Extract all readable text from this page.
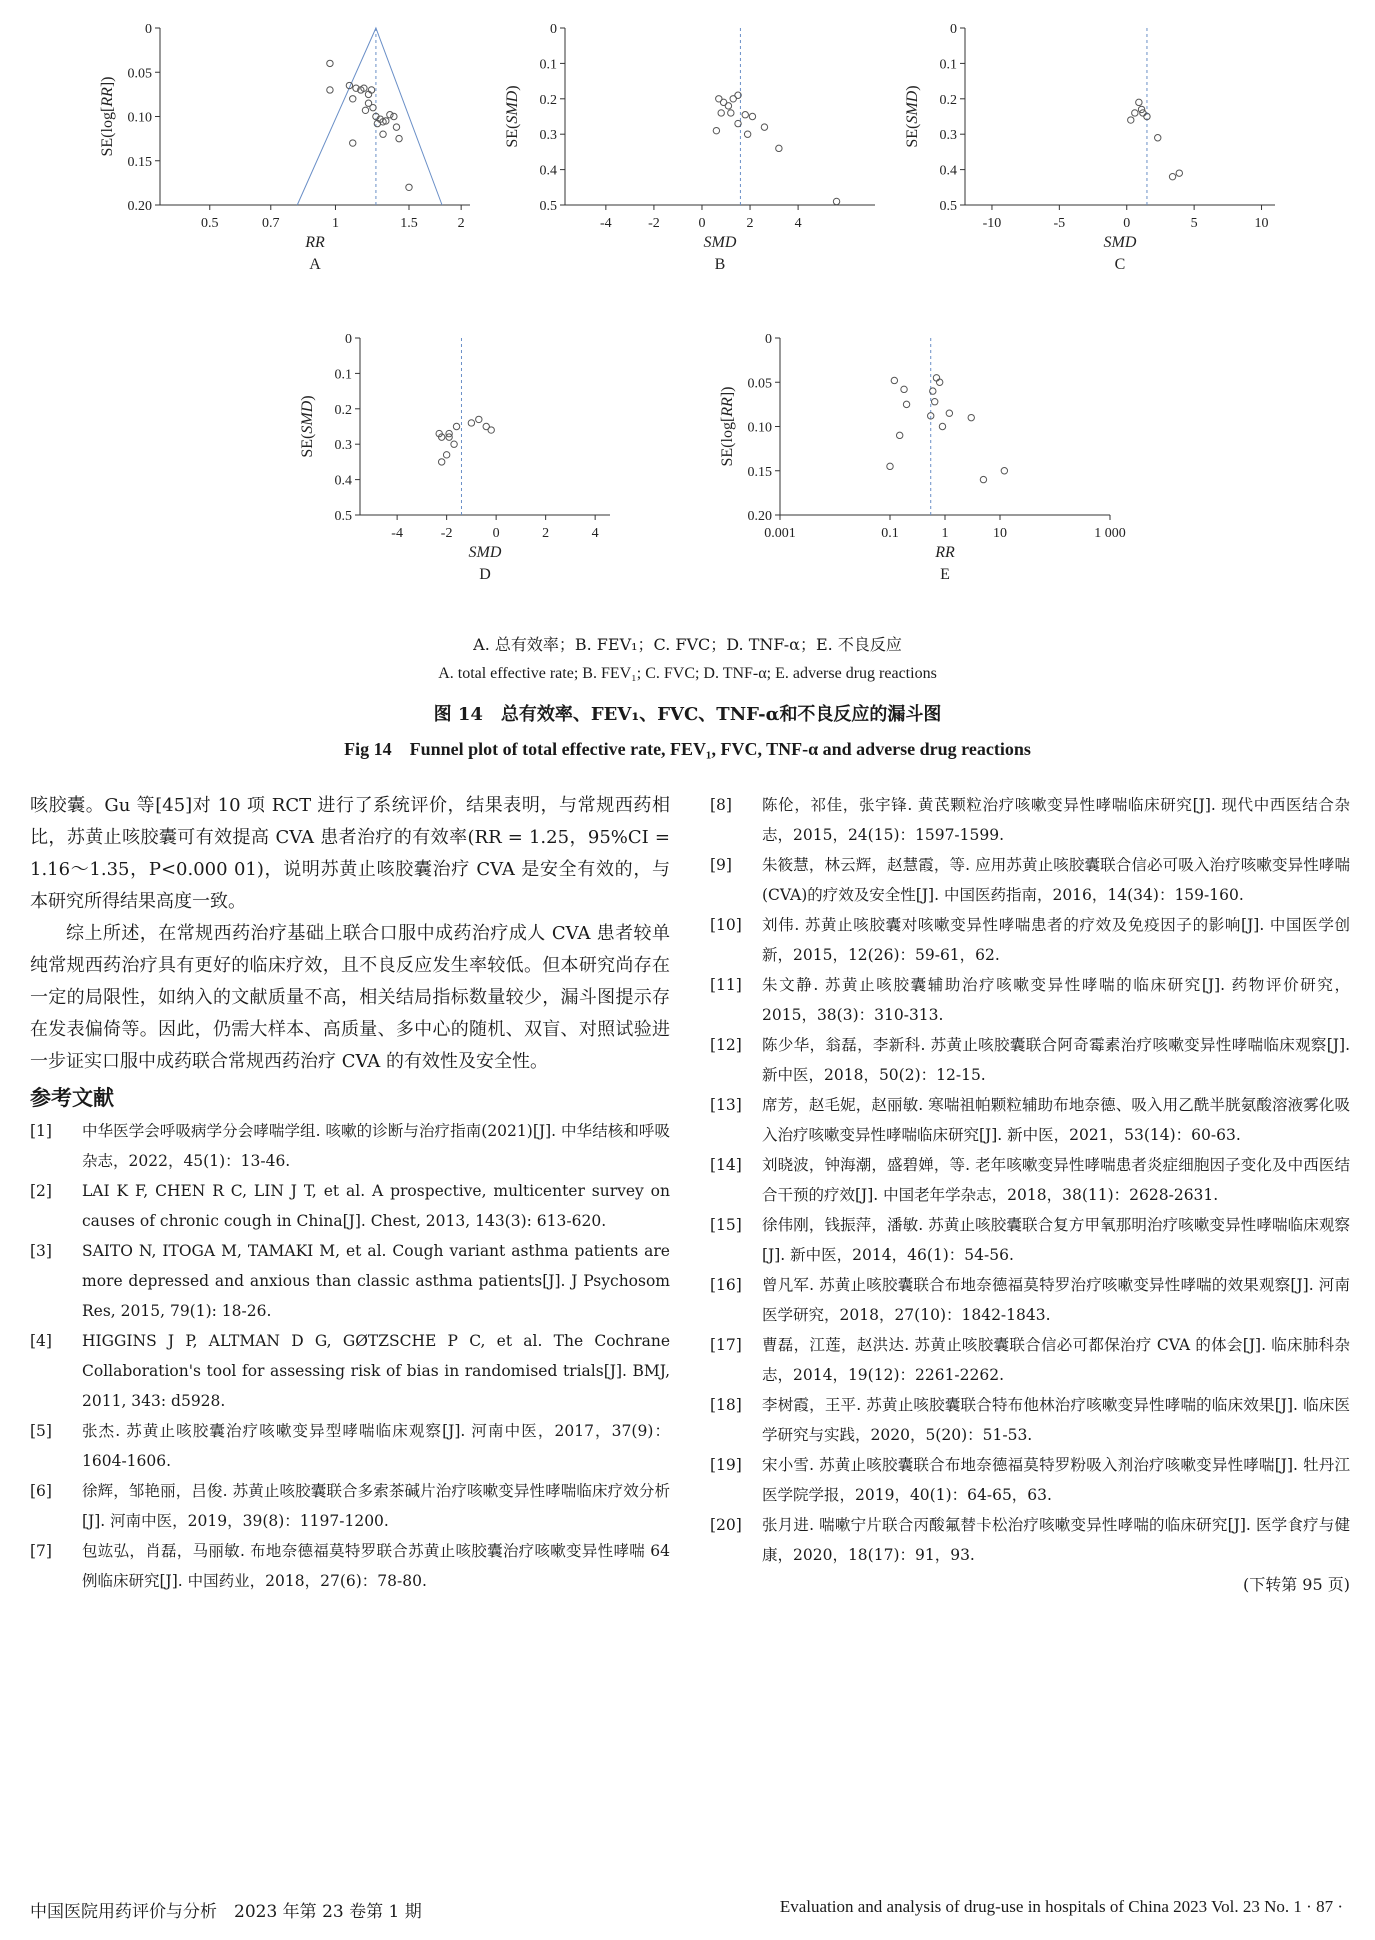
0
0.05
0.10
0.15
0.20
0.5	0.7	1	1.5	2
SE(log[RR])
RR
A
0
0.1
0.2
0.3
0.4
0.5
-4	-2	0	2	4
SE(SMD)
SMD
B
0
0.1
0.2
0.3
0.4
0.5
-10	-5	0	5	10
SE(SMD)
SMD
C
0
0.1
0.2
0.3
0.4
0.5
-4	-2	0	2	4
SE(SMD)
SMD
D
0
0.05
0.10
0.15
0.20
0.001	0.1	1	10	1 000
SE(log[RR])
RR
E
A. 总有效率；B. FEV₁；C. FVC；D. TNF-α；E. 不良反应
A. total effective rate; B. FEV₁; C. FVC; D. TNF-α; E. adverse drug reactions
图 14　总有效率、FEV₁、FVC、TNF-α和不良反应的漏斗图
Fig 14　Funnel plot of total effective rate, FEV₁, FVC, TNF-α and adverse drug reactions

咳胶囊。Gu 等[45]对 10 项 RCT 进行了系统评价，结果表明，与常规西药相比，苏黄止咳胶囊可有效提高 CVA 患者治疗的有效率(RR = 1.25，95%CI = 1.16～1.35，P<0.000 01)，说明苏黄止咳胶囊治疗 CVA 是安全有效的，与本研究所得结果高度一致。

综上所述，在常规西药治疗基础上联合口服中成药治疗成人 CVA 患者较单纯常规西药治疗具有更好的临床疗效，且不良反应发生率较低。但本研究尚存在一定的局限性，如纳入的文献质量不高，相关结局指标数量较少，漏斗图提示存在发表偏倚等。因此，仍需大样本、高质量、多中心的随机、双盲、对照试验进一步证实口服中成药联合常规西药治疗 CVA 的有效性及安全性。

参考文献
[1]	中华医学会呼吸病学分会哮喘学组. 咳嗽的诊断与治疗指南(2021)[J]. 中华结核和呼吸杂志，2022，45(1)：13-46.
[2]	LAI K F, CHEN R C, LIN J T, et al. A prospective, multicenter survey on causes of chronic cough in China[J]. Chest, 2013, 143(3): 613-620.
[3]	SAITO N, ITOGA M, TAMAKI M, et al. Cough variant asthma patients are more depressed and anxious than classic asthma patients[J]. J Psychosom Res, 2015, 79(1): 18-26.
[4]	HIGGINS J P, ALTMAN D G, GØTZSCHE P C, et al. The Cochrane Collaboration's tool for assessing risk of bias in randomised trials[J]. BMJ, 2011, 343: d5928.
[5]	张杰. 苏黄止咳胶囊治疗咳嗽变异型哮喘临床观察[J]. 河南中医，2017，37(9)：1604-1606.
[6]	徐辉，邹艳丽，吕俊. 苏黄止咳胶囊联合多索茶碱片治疗咳嗽变异性哮喘临床疗效分析[J]. 河南中医，2019，39(8)：1197-1200.
[7]	包竑弘，肖磊，马丽敏. 布地奈德福莫特罗联合苏黄止咳胶囊治疗咳嗽变异性哮喘 64 例临床研究[J]. 中国药业，2018，27(6)：78-80.
[8]	陈伦，祁佳，张宇锋. 黄芪颗粒治疗咳嗽变异性哮喘临床研究[J]. 现代中西医结合杂志，2015，24(15)：1597-1599.
[9]	朱筱慧，林云辉，赵慧霞，等. 应用苏黄止咳胶囊联合信必可吸入治疗咳嗽变异性哮喘(CVA)的疗效及安全性[J]. 中国医药指南，2016，14(34)：159-160.
[10]	刘伟. 苏黄止咳胶囊对咳嗽变异性哮喘患者的疗效及免疫因子的影响[J]. 中国医学创新，2015，12(26)：59-61，62.
[11]	朱文静. 苏黄止咳胶囊辅助治疗咳嗽变异性哮喘的临床研究[J]. 药物评价研究，2015，38(3)：310-313.
[12]	陈少华，翁磊，李新科. 苏黄止咳胶囊联合阿奇霉素治疗咳嗽变异性哮喘临床观察[J]. 新中医，2018，50(2)：12-15.
[13]	席芳，赵毛妮，赵丽敏. 寒喘祖帕颗粒辅助布地奈德、吸入用乙酰半胱氨酸溶液雾化吸入治疗咳嗽变异性哮喘临床研究[J]. 新中医，2021，53(14)：60-63.
[14]	刘晓波，钟海潮，盛碧婵，等. 老年咳嗽变异性哮喘患者炎症细胞因子变化及中西医结合干预的疗效[J]. 中国老年学杂志，2018，38(11)：2628-2631.
[15]	徐伟刚，钱振萍，潘敏. 苏黄止咳胶囊联合复方甲氧那明治疗咳嗽变异性哮喘临床观察[J]. 新中医，2014，46(1)：54-56.
[16]	曾凡军. 苏黄止咳胶囊联合布地奈德福莫特罗治疗咳嗽变异性哮喘的效果观察[J]. 河南医学研究，2018，27(10)：1842-1843.
[17]	曹磊，江莲，赵洪达. 苏黄止咳胶囊联合信必可都保治疗 CVA 的体会[J]. 临床肺科杂志，2014，19(12)：2261-2262.
[18]	李树霞，王平. 苏黄止咳胶囊联合特布他林治疗咳嗽变异性哮喘的临床效果[J]. 临床医学研究与实践，2020，5(20)：51-53.
[19]	宋小雪. 苏黄止咳胶囊联合布地奈德福莫特罗粉吸入剂治疗咳嗽变异性哮喘[J]. 牡丹江医学院学报，2019，40(1)：64-65，63.
[20]	张月进. 喘嗽宁片联合丙酸氟替卡松治疗咳嗽变异性哮喘的临床研究[J]. 医学食疗与健康，2020，18(17)：91，93.
(下转第 95 页)
中国医院用药评价与分析　2023 年第 23 卷第 1 期	Evaluation and analysis of drug-use in hospitals of China 2023 Vol. 23 No. 1 · 87 ·
